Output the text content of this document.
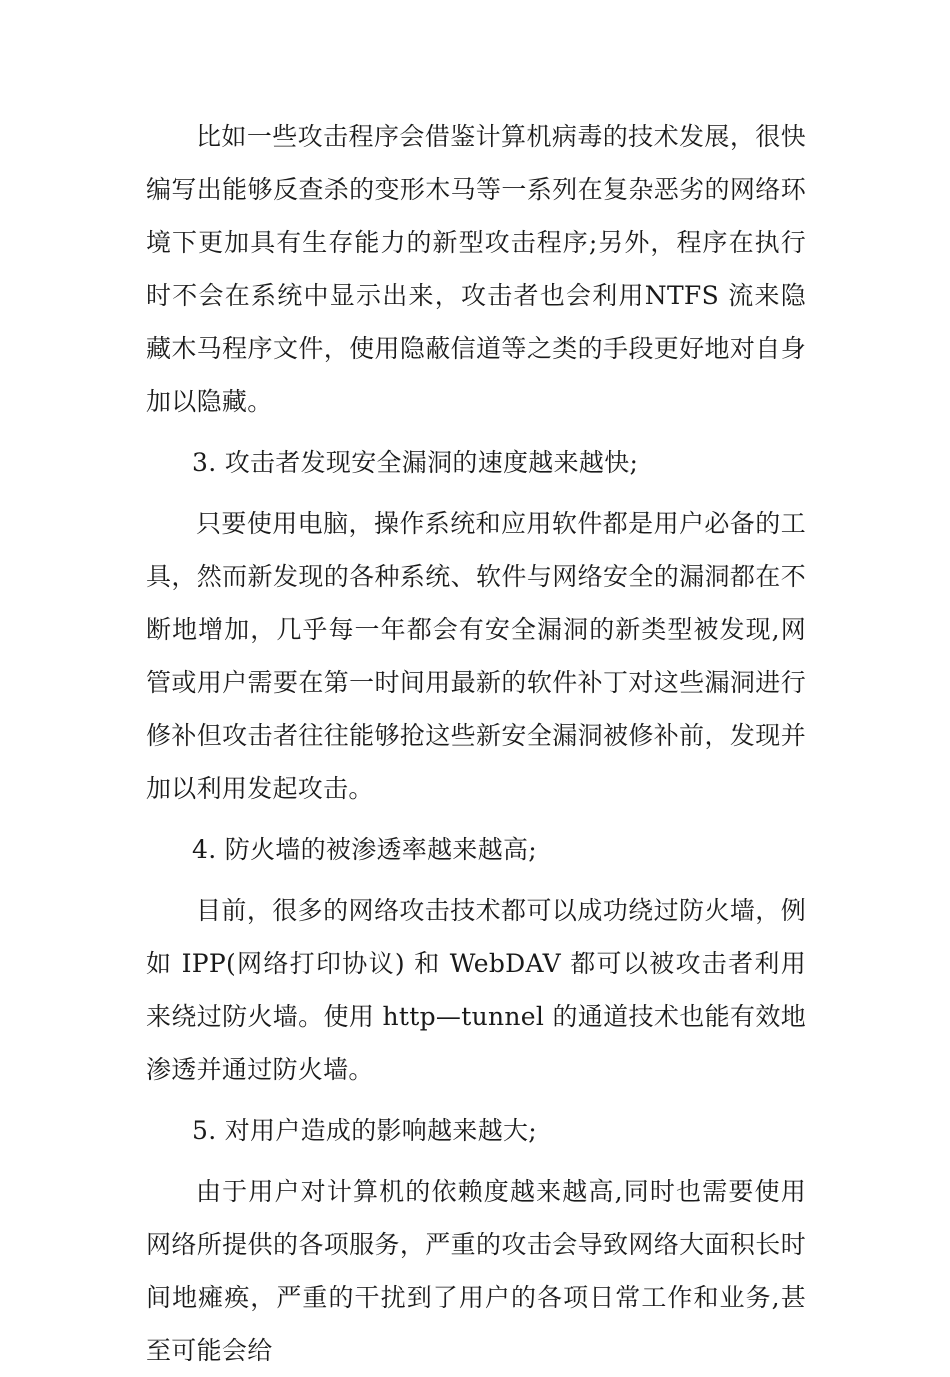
比如一些攻击程序会借鉴计算机病毒的技术发展，很快编写出能够反查杀的变形木马等一系列在复杂恶劣的网络环境下更加具有生存能力的新型攻击程序;另外，程序在执行时不会在系统中显示出来，攻击者也会利用NTFS 流来隐藏木马程序文件，使用隐蔽信道等之类的手段更好地对自身加以隐藏。

3. 攻击者发现安全漏洞的速度越来越快;

只要使用电脑，操作系统和应用软件都是用户必备的工具，然而新发现的各种系统、软件与网络安全的漏洞都在不断地增加，几乎每一年都会有安全漏洞的新类型被发现,网管或用户需要在第一时间用最新的软件补丁对这些漏洞进行修补但攻击者往往能够抢这些新安全漏洞被修补前，发现并加以利用发起攻击。

4. 防火墙的被渗透率越来越高;

目前，很多的网络攻击技术都可以成功绕过防火墙，例如 IPP(网络打印协议) 和 WebDAV 都可以被攻击者利用来绕过防火墙。使用 http—tunnel 的通道技术也能有效地渗透并通过防火墙。

5. 对用户造成的影响越来越大;

由于用户对计算机的依赖度越来越高,同时也需要使用网络所提供的各项服务，严重的攻击会导致网络大面积长时间地瘫痪，严重的干扰到了用户的各项日常工作和业务,甚至可能会给
